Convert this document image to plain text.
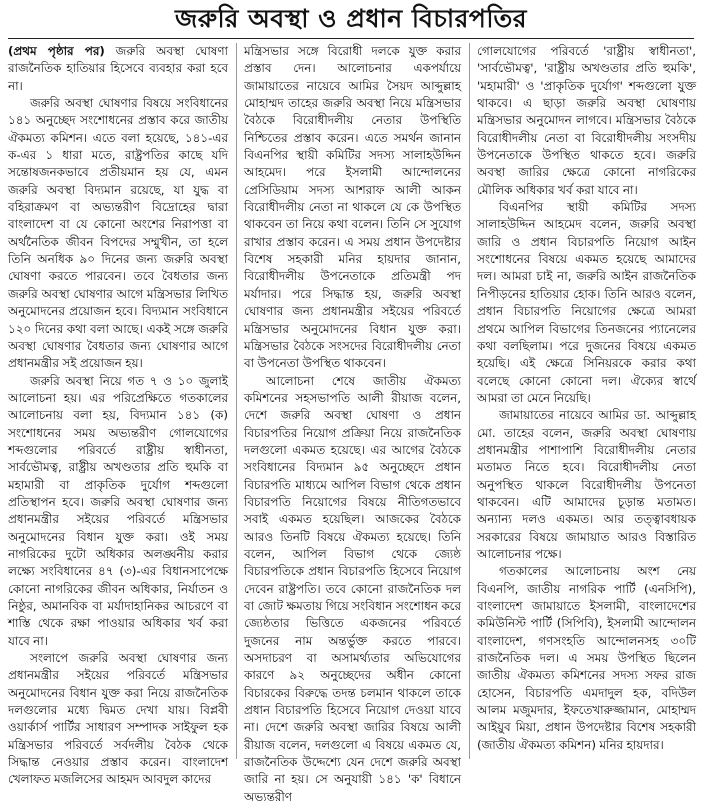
জরুরি অবস্থা ও প্রধান বিচারপতির

(প্রথম পৃষ্ঠার পর) জরুরি অবস্থা ঘোষণা রাজনৈতিক হাতিয়ার হিসেবে ব্যবহার করা হবে না।

জরুরি অবস্থা ঘোষণার বিষয়ে সংবিধানের ১৪১ অনুচ্ছেদ সংশোধনের প্রস্তাব করে জাতীয় ঐকমত্য কমিশন। এতে বলা হয়েছে, ১৪১-এর ক-এর ১ ধারা মতে, রাষ্ট্রপতির কাছে যদি সন্তোষজনকভাবে প্রতীয়মান হয় যে, এমন জরুরি অবস্থা বিদ্যমান রয়েছে, যা যুদ্ধ বা বহিরাক্রমণ বা অভ্যন্তরীণ বিদ্রোহের দ্বারা বাংলাদেশ বা যে কোনো অংশের নিরাপত্তা বা অর্থনৈতিক জীবন বিপদের সম্মুখীন, তা হলে তিনি অনধিক ৯০ দিনের জন্য জরুরি অবস্থা ঘোষণা করতে পারবেন। তবে বৈধতার জন্য জরুরি অবস্থা ঘোষণার আগে মন্ত্রিসভার লিখিত অনুমোদনের প্রয়োজন হবে। বিদ্যমান সংবিধানে ১২০ দিনের কথা বলা আছে। একই সঙ্গে জরুরি অবস্থা ঘোষণার বৈধতার জন্য ঘোষণার আগে প্রধানমন্ত্রীর সই প্রয়োজন হয়।

জরুরি অবস্থা নিয়ে গত ৭ ও ১০ জুলাই আলোচনা হয়। এর পরিপ্রেক্ষিতে গতকালের আলোচনায় বলা হয়, বিদ্যমান ১৪১ (ক) সংশোধনের সময় অভ্যন্তরীণ গোলযোগের শব্দগুলোর পরিবর্তে রাষ্ট্রীয় স্বাধীনতা, সার্বভৌমত্ব, রাষ্ট্রীয় অখণ্ডতার প্রতি হুমকি বা মহামারী বা প্রাকৃতিক দুর্যোগ শব্দগুলো প্রতিস্থাপন হবে। জরুরি অবস্থা ঘোষণার জন্য প্রধানমন্ত্রীর সইয়ের পরিবর্তে মন্ত্রিসভার অনুমোদনের বিধান যুক্ত করা। ওই সময় নাগরিকের দুটো অধিকার অলঙ্ঘনীয় করার লক্ষ্যে সংবিধানের ৪৭ (৩)-এর বিধানসাপেক্ষে কোনো নাগরিকের জীবন অধিকার, নির্যাতন ও নিষ্ঠুর, অমানবিক বা মর্যাদাহানিকর আচরণে বা শাস্তি থেকে রক্ষা পাওয়ার অধিকার খর্ব করা যাবে না।

সংলাপে জরুরি অবস্থা ঘোষণার জন্য প্রধানমন্ত্রীর সইয়ের পরিবর্তে মন্ত্রিসভার অনুমোদনের বিধান যুক্ত করা নিয়ে রাজনৈতিক দলগুলোর মধ্যে দ্বিমত দেখা যায়। বিপ্লবী ওয়ার্কার্স পার্টির সাধারণ সম্পাদক সাইফুল হক মন্ত্রিসভার পরিবর্তে সর্বদলীয় বৈঠক থেকে সিদ্ধান্ত নেওয়ার প্রস্তাব করেন। বাংলাদেশ খেলাফত মজলিসের আহমদ আবদুল কাদের

মন্ত্রিসভার সঙ্গে বিরোধী দলকে যুক্ত করার প্রস্তাব দেন। আলোচনার একপর্যায়ে জামায়াতের নায়েবে আমির সৈয়দ আব্দুল্লাহ মোহাম্মদ তাহের জরুরি অবস্থা নিয়ে মন্ত্রিসভার বৈঠকে বিরোধীদলীয় নেতার উপস্থিতি নিশ্চিতের প্রস্তাব করেন। এতে সমর্থন জানান বিএনপির স্থায়ী কমিটির সদস্য সালাহউদ্দিন আহমেদ। পরে ইসলামী আন্দোলনের প্রেসিডিয়াম সদস্য আশরাফ আলী আকন বিরোধীদলীয় নেতা না থাকলে যে কে উপস্থিত থাকবেন তা নিয়ে কথা বলেন। তিনি সে সুযোগ রাখার প্রস্তাব করেন। এ সময় প্রধান উপদেষ্টার বিশেষ সহকারী মনির হায়দার জানান, বিরোধীদলীয় উপনেতাকে প্রতিমন্ত্রী পদ মর্যাদার। পরে সিদ্ধান্ত হয়, জরুরি অবস্থা ঘোষণার জন্য প্রধানমন্ত্রীর সইয়ের পরিবর্তে মন্ত্রিসভার অনুমোদনের বিধান যুক্ত করা। মন্ত্রিসভার বৈঠকে সংসদের বিরোধীদলীয় নেতা বা উপনেতা উপস্থিত থাকবেন।

আলোচনা শেষে জাতীয় ঐকমত্য কমিশনের সহসভাপতি আলী রীয়াজ বলেন, দেশে জরুরি অবস্থা ঘোষণা ও প্রধান বিচারপতির নিয়োগ প্রক্রিয়া নিয়ে রাজনৈতিক দলগুলো একমত হয়েছে। এর আগের বৈঠকে সংবিধানের বিদ্যমান ৯৫ অনুচ্ছেদে প্রধান বিচারপতি মাধ্যমে আপিল বিভাগ থেকে প্রধান বিচারপতি নিয়োগের বিষয়ে নীতিগতভাবে সবাই একমত হয়েছিল। আজকের বৈঠকে আরও তিনটি বিষয়ে ঐকমত্য হয়েছে। তিনি বলেন, আপিল বিভাগ থেকে জ্যেষ্ঠ বিচারপতিকে প্রধান বিচারপতি হিসেবে নিয়োগ দেবেন রাষ্ট্রপতি। তবে কোনো রাজনৈতিক দল বা জোট ক্ষমতায় গিয়ে সংবিধান সংশোধন করে জ্যেষ্ঠতার ভিত্তিতে একজনের পরিবর্তে দুজনের নাম অন্তর্ভুক্ত করতে পারবে। অসদাচরণ বা অসামর্থ্যতার অভিযোগের কারণে ৯২ অনুচ্ছেদের অধীন কোনো বিচারকের বিরুদ্ধে তদন্ত চলমান থাকলে তাকে প্রধান বিচারপতি হিসেবে নিয়োগ দেওয়া যাবে না। দেশে জরুরি অবস্থা জারির বিষয়ে আলী রীয়াজ বলেন, দলগুলো এ বিষয়ে একমত যে, রাজনৈতিক উদ্দেশ্যে যেন দেশে জরুরি অবস্থা জারি না হয়। সে অনুযায়ী ১৪১ 'ক' বিধানে অভ্যন্তরীণ

গোলযোগের পরিবর্তে 'রাষ্ট্রীয় স্বাধীনতা', 'সার্বভৌমত্ব', 'রাষ্ট্রীয় অখণ্ডতার প্রতি হুমকি', 'মহামারী' ও 'প্রাকৃতিক দুর্যোগ' শব্দগুলো যুক্ত থাকবে। এ ছাড়া জরুরি অবস্থা ঘোষণায় মন্ত্রিসভার অনুমোদন লাগবে। মন্ত্রিসভার বৈঠকে বিরোধীদলীয় নেতা বা বিরোধীদলীয় সংসদীয় উপনেতাকে উপস্থিত থাকতে হবে। জরুরি অবস্থা জারির ক্ষেত্রে কোনো নাগরিকের মৌলিক অধিকার খর্ব করা যাবে না।

বিএনপির স্থায়ী কমিটির সদস্য সালাহউদ্দিন আহমেদ বলেন, জরুরি অবস্থা জারি ও প্রধান বিচারপতি নিয়োগ আইন সংশোধনের বিষয়ে একমত হয়েছে আমাদের দল। আমরা চাই না, জরুরি আইন রাজনৈতিক নিপীড়নের হাতিয়ার হোক। তিনি আরও বলেন, প্রধান বিচারপতি নিয়োগের ক্ষেত্রে আমরা প্রথমে আপিল বিভাগের তিনজনের প্যানেলের কথা বলছিলাম। পরে দুজনের বিষয়ে একমত হয়েছি। এই ক্ষেত্রে সিনিয়রকে করার কথা বলেছে কোনো কোনো দল। ঐক্যের স্বার্থে আমরা তা মেনে নিয়েছি।

জামায়াতের নায়েবে আমির ডা. আব্দুল্লাহ মো. তাহের বলেন, জরুরি অবস্থা ঘোষণায় প্রধানমন্ত্রীর পাশাপাশি বিরোধীদলীয় নেতার মতামত নিতে হবে। বিরোধীদলীয় নেতা অনুপস্থিত থাকলে বিরোধীদলীয় উপনেতা থাকবেন। এটি আমাদের চূড়ান্ত মতামত। অন্যান্য দলও একমত। আর তত্ত্বাবধায়ক সরকারের বিষয়ে জামায়াত আরও বিস্তারিত আলোচনার পক্ষে।

গতকালের আলোচনায় অংশ নেয় বিএনপি, জাতীয় নাগরিক পার্টি (এনসিপি), বাংলাদেশ জামায়াতে ইসলামী, বাংলাদেশের কমিউনিস্ট পার্টি (সিপিবি), ইসলামী আন্দোলন বাংলাদেশ, গণসংহতি আন্দোলনসহ ৩০টি রাজনৈতিক দল। এ সময় উপস্থিত ছিলেন জাতীয় ঐকমত্য কমিশনের সদস্য সফর রাজ হোসেন, বিচারপতি এমদাদুল হক, বদিউল আলম মজুমদার, ইফতেখারুজ্জামান, মোহাম্মদ আইয়ুব মিয়া, প্রধান উপদেষ্টার বিশেষ সহকারী (জাতীয় ঐকমত্য কমিশন) মনির হায়দার।
